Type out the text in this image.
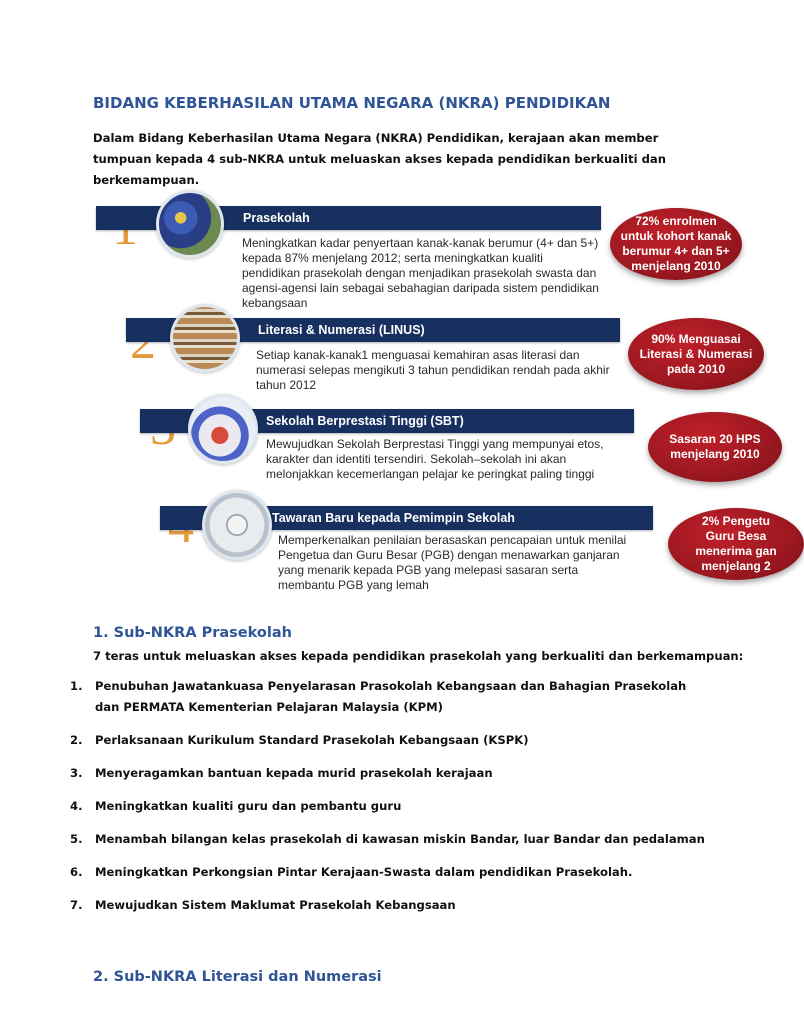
BIDANG KEBERHASILAN UTAMA NEGARA (NKRA) PENDIDIKAN
Dalam Bidang Keberhasilan Utama Negara (NKRA) Pendidikan, kerajaan akan member tumpuan kepada 4 sub-NKRA untuk meluaskan akses kepada pendidikan berkualiti dan berkemampuan.
Prasekolah
Meningkatkan kadar penyertaan kanak-kanak berumur (4+ dan 5+) kepada 87% menjelang 2012; serta meningkatkan kualiti pendidikan prasekolah dengan menjadikan prasekolah swasta dan agensi-agensi lain sebagai sebahagian daripada sistem pendidikan kebangsaan
72% enrolmen
untuk kohort kanak
berumur 4+ dan 5+
menjelang 2010
Literasi & Numerasi (LINUS)
Setiap kanak-kanak1 menguasai kemahiran asas literasi dan numerasi selepas mengikuti 3 tahun pendidikan rendah pada akhir tahun 2012
90% Menguasai
Literasi & Numerasi
pada 2010
Sekolah Berprestasi Tinggi (SBT)
Mewujudkan Sekolah Berprestasi Tinggi yang mempunyai etos, karakter dan identiti tersendiri. Sekolah–sekolah ini akan melonjakkan kecemerlangan pelajar ke peringkat paling tinggi
Sasaran 20 HPS
menjelang 2010
Tawaran Baru kepada Pemimpin Sekolah
Memperkenalkan penilaian berasaskan pencapaian untuk menilai Pengetua dan Guru Besar (PGB) dengan menawarkan ganjaran yang menarik kepada PGB yang melepasi sasaran serta membantu PGB yang lemah
2% Pengetu
Guru Besa
menerima gan
menjelang 2
1. Sub-NKRA Prasekolah
7 teras untuk meluaskan akses kepada pendidikan prasekolah yang berkualiti dan berkemampuan:
1. Penubuhan Jawatankuasa Penyelarasan Prasokolah Kebangsaan dan Bahagian Prasekolah dan PERMATA Kementerian Pelajaran Malaysia (KPM)
2. Perlaksanaan Kurikulum Standard Prasekolah Kebangsaan (KSPK)
3. Menyeragamkan bantuan kepada murid prasekolah kerajaan
4. Meningkatkan kualiti guru dan pembantu guru
5. Menambah bilangan kelas prasekolah di kawasan miskin Bandar, luar Bandar dan pedalaman
6. Meningkatkan Perkongsian Pintar Kerajaan-Swasta dalam pendidikan Prasekolah.
7. Mewujudkan Sistem Maklumat Prasekolah Kebangsaan
2. Sub-NKRA Literasi dan Numerasi
